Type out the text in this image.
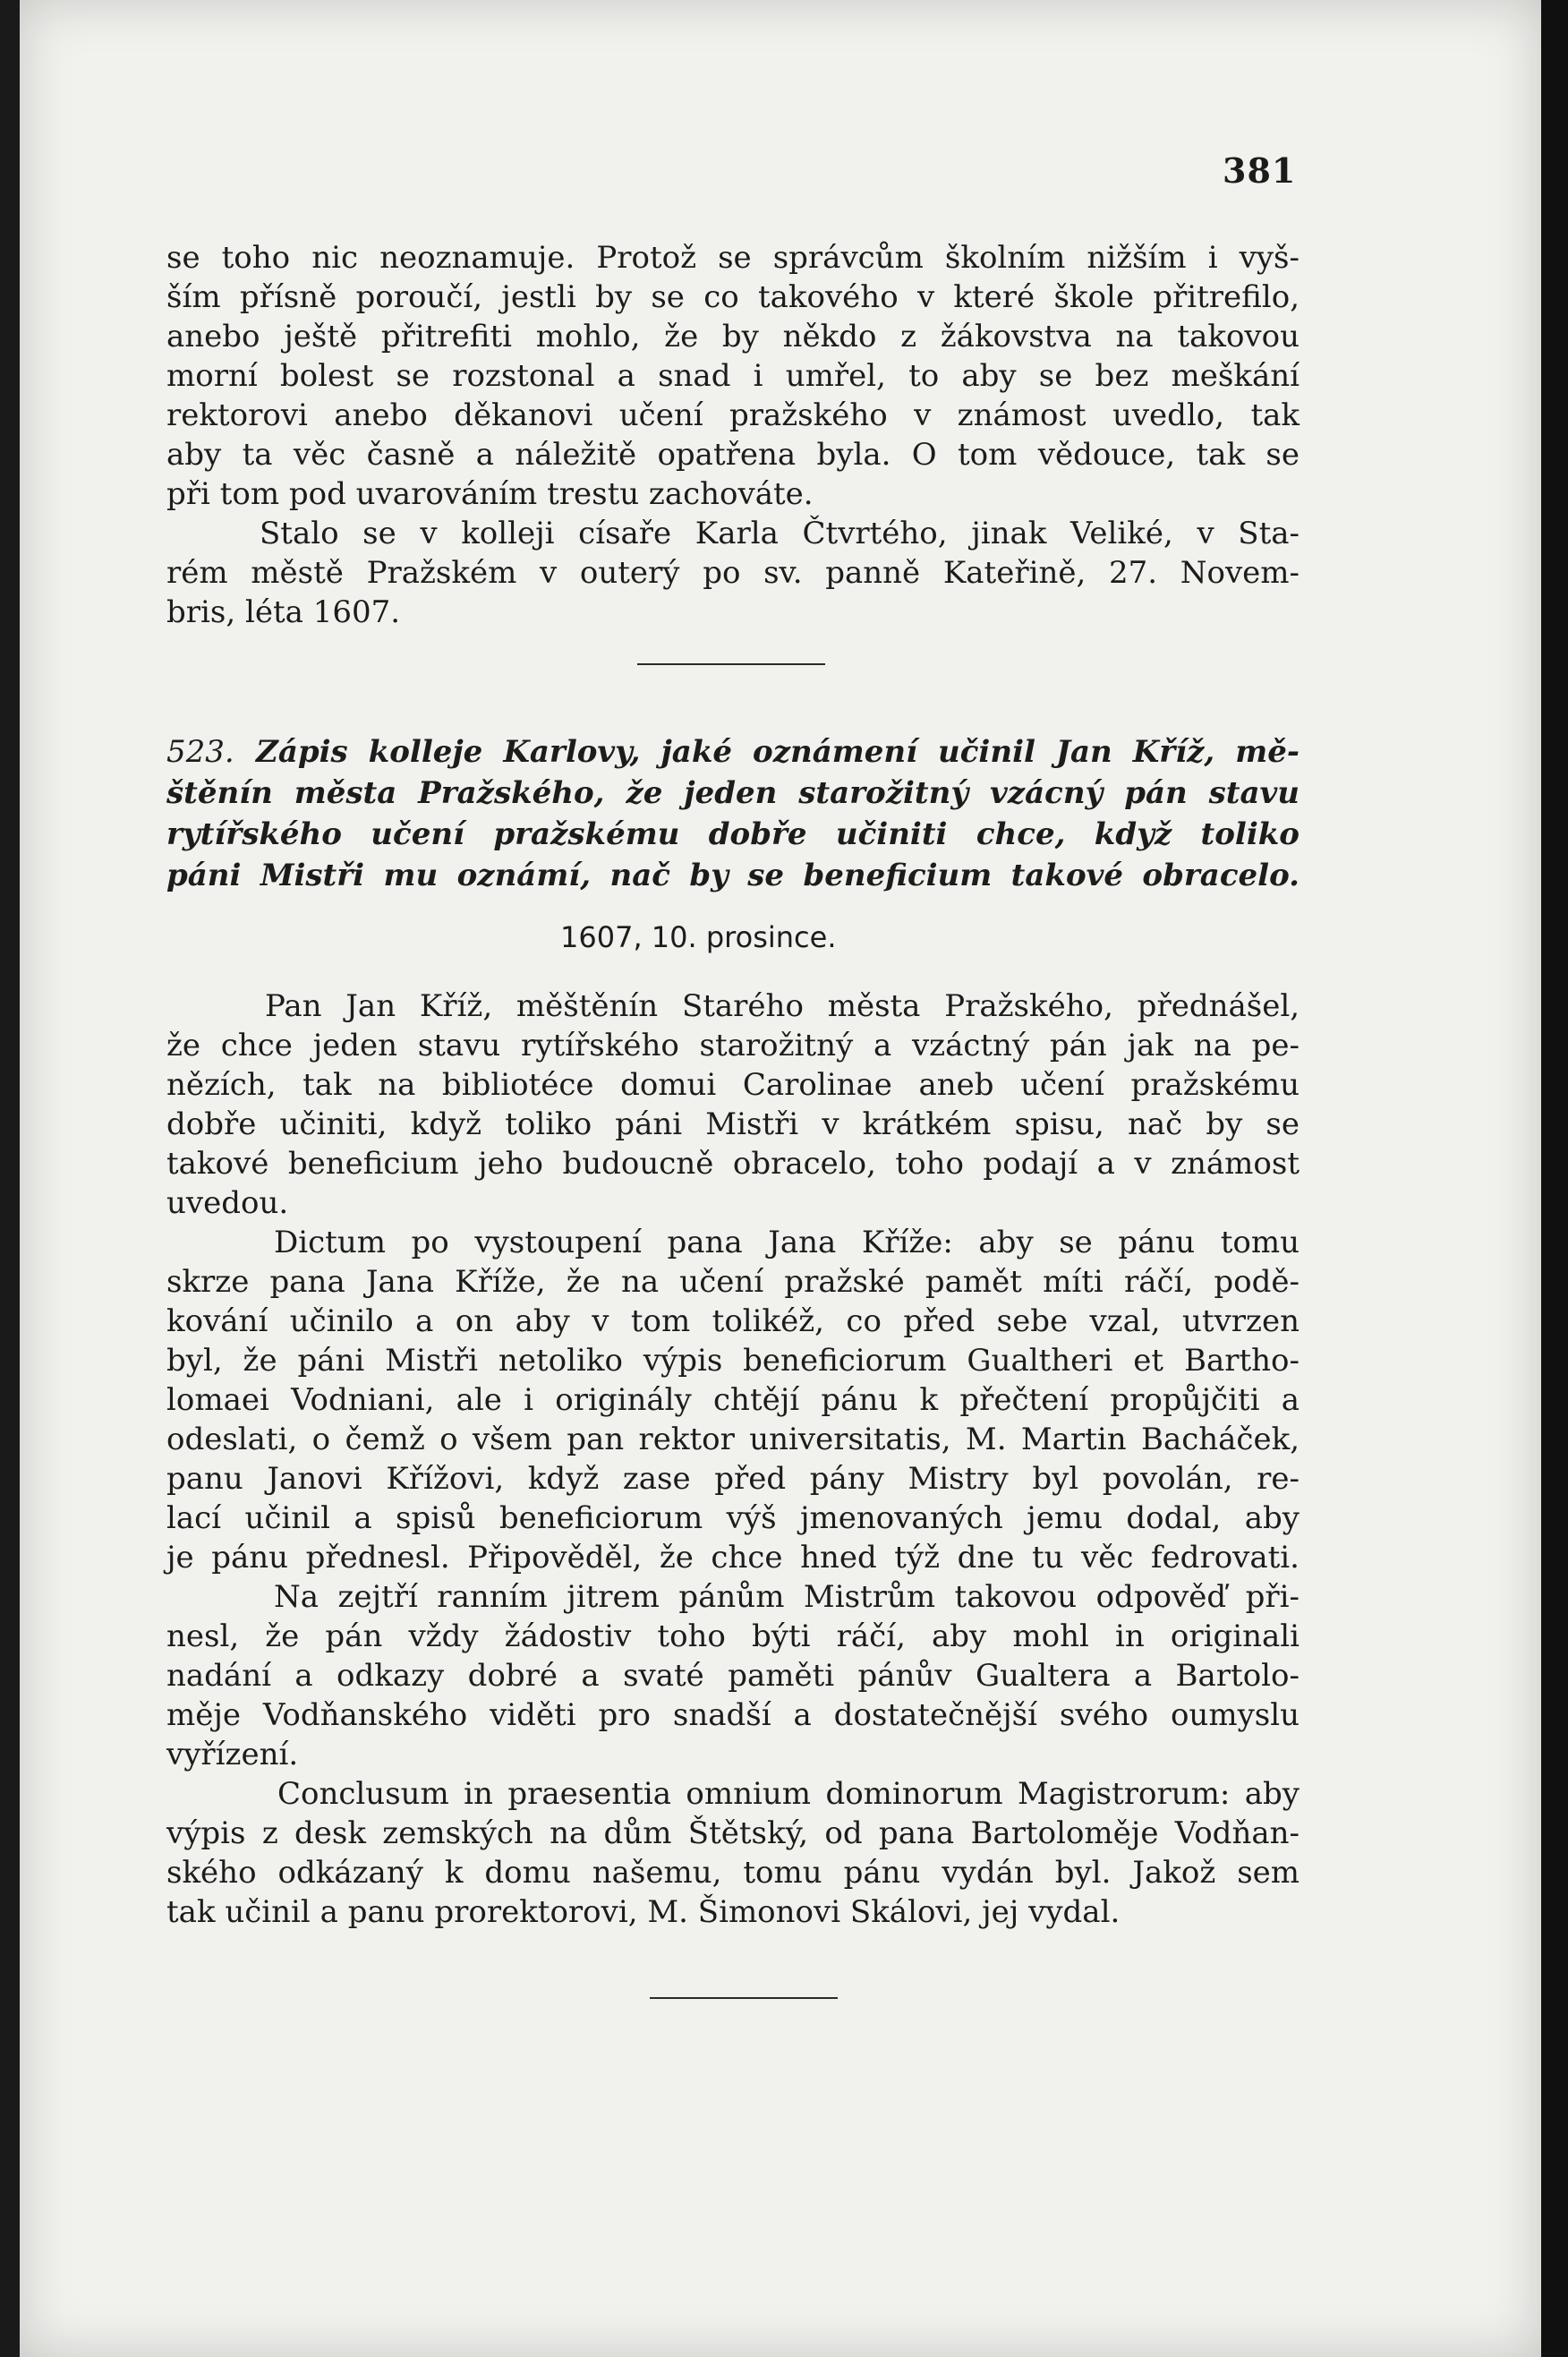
381
se toho nic neoznamuje. Protož se správcům školním nižším i vyš-
ším přísně poroučí, jestli by se co takového v které škole přitrefilo,
anebo ještě přitrefiti mohlo, že by někdo z žákovstva na takovou
morní bolest se rozstonal a snad i umřel, to aby se bez meškání
rektorovi anebo děkanovi učení pražského v známost uvedlo, tak
aby ta věc časně a náležitě opatřena byla. O tom vědouce, tak se
při tom pod uvarováním trestu zachováte.
Stalo se v kolleji císaře Karla Čtvrtého, jinak Veliké, v Sta-
rém městě Pražském v outerý po sv. panně Kateřině, 27. Novem-
bris, léta 1607.
523. Zápis kolleje Karlovy, jaké oznámení učinil Jan Kříž, mě-
štěnín města Pražského, že jeden starožitný vzácný pán stavu
rytířského učení pražskému dobře učiniti chce, když toliko
páni Mistři mu oznámí, nač by se beneficium takové obracelo.
1607, 10. prosince.
Pan Jan Kříž, měštěnín Starého města Pražského, přednášel,
že chce jeden stavu rytířského starožitný a vzáctný pán jak na pe-
nězích, tak na bibliotéce domui Carolinae aneb učení pražskému
dobře učiniti, když toliko páni Mistři v krátkém spisu, nač by se
takové beneficium jeho budoucně obracelo, toho podají a v známost
uvedou.
Dictum po vystoupení pana Jana Kříže: aby se pánu tomu
skrze pana Jana Kříže, že na učení pražské pamět míti ráčí, podě-
kování učinilo a on aby v tom tolikéž, co před sebe vzal, utvrzen
byl, že páni Mistři netoliko výpis beneficiorum Gualtheri et Bartho-
lomaei Vodniani, ale i originály chtějí pánu k přečtení propůjčiti a
odeslati, o čemž o všem pan rektor universitatis, M. Martin Bacháček,
panu Janovi Křížovi, když zase před pány Mistry byl povolán, re-
lací učinil a spisů beneficiorum výš jmenovaných jemu dodal, aby
je pánu přednesl. Připověděl, že chce hned týž dne tu věc fedrovati.
Na zejtří ranním jitrem pánům Mistrům takovou odpověď při-
nesl, že pán vždy žádostiv toho býti ráčí, aby mohl in originali
nadání a odkazy dobré a svaté paměti pánův Gualtera a Bartolo-
měje Vodňanského viděti pro snadší a dostatečnější svého oumyslu
vyřízení.
Conclusum in praesentia omnium dominorum Magistrorum: aby
výpis z desk zemských na dům Štětský, od pana Bartoloměje Vodňan-
ského odkázaný k domu našemu, tomu pánu vydán byl. Jakož sem
tak učinil a panu prorektorovi, M. Šimonovi Skálovi, jej vydal.
